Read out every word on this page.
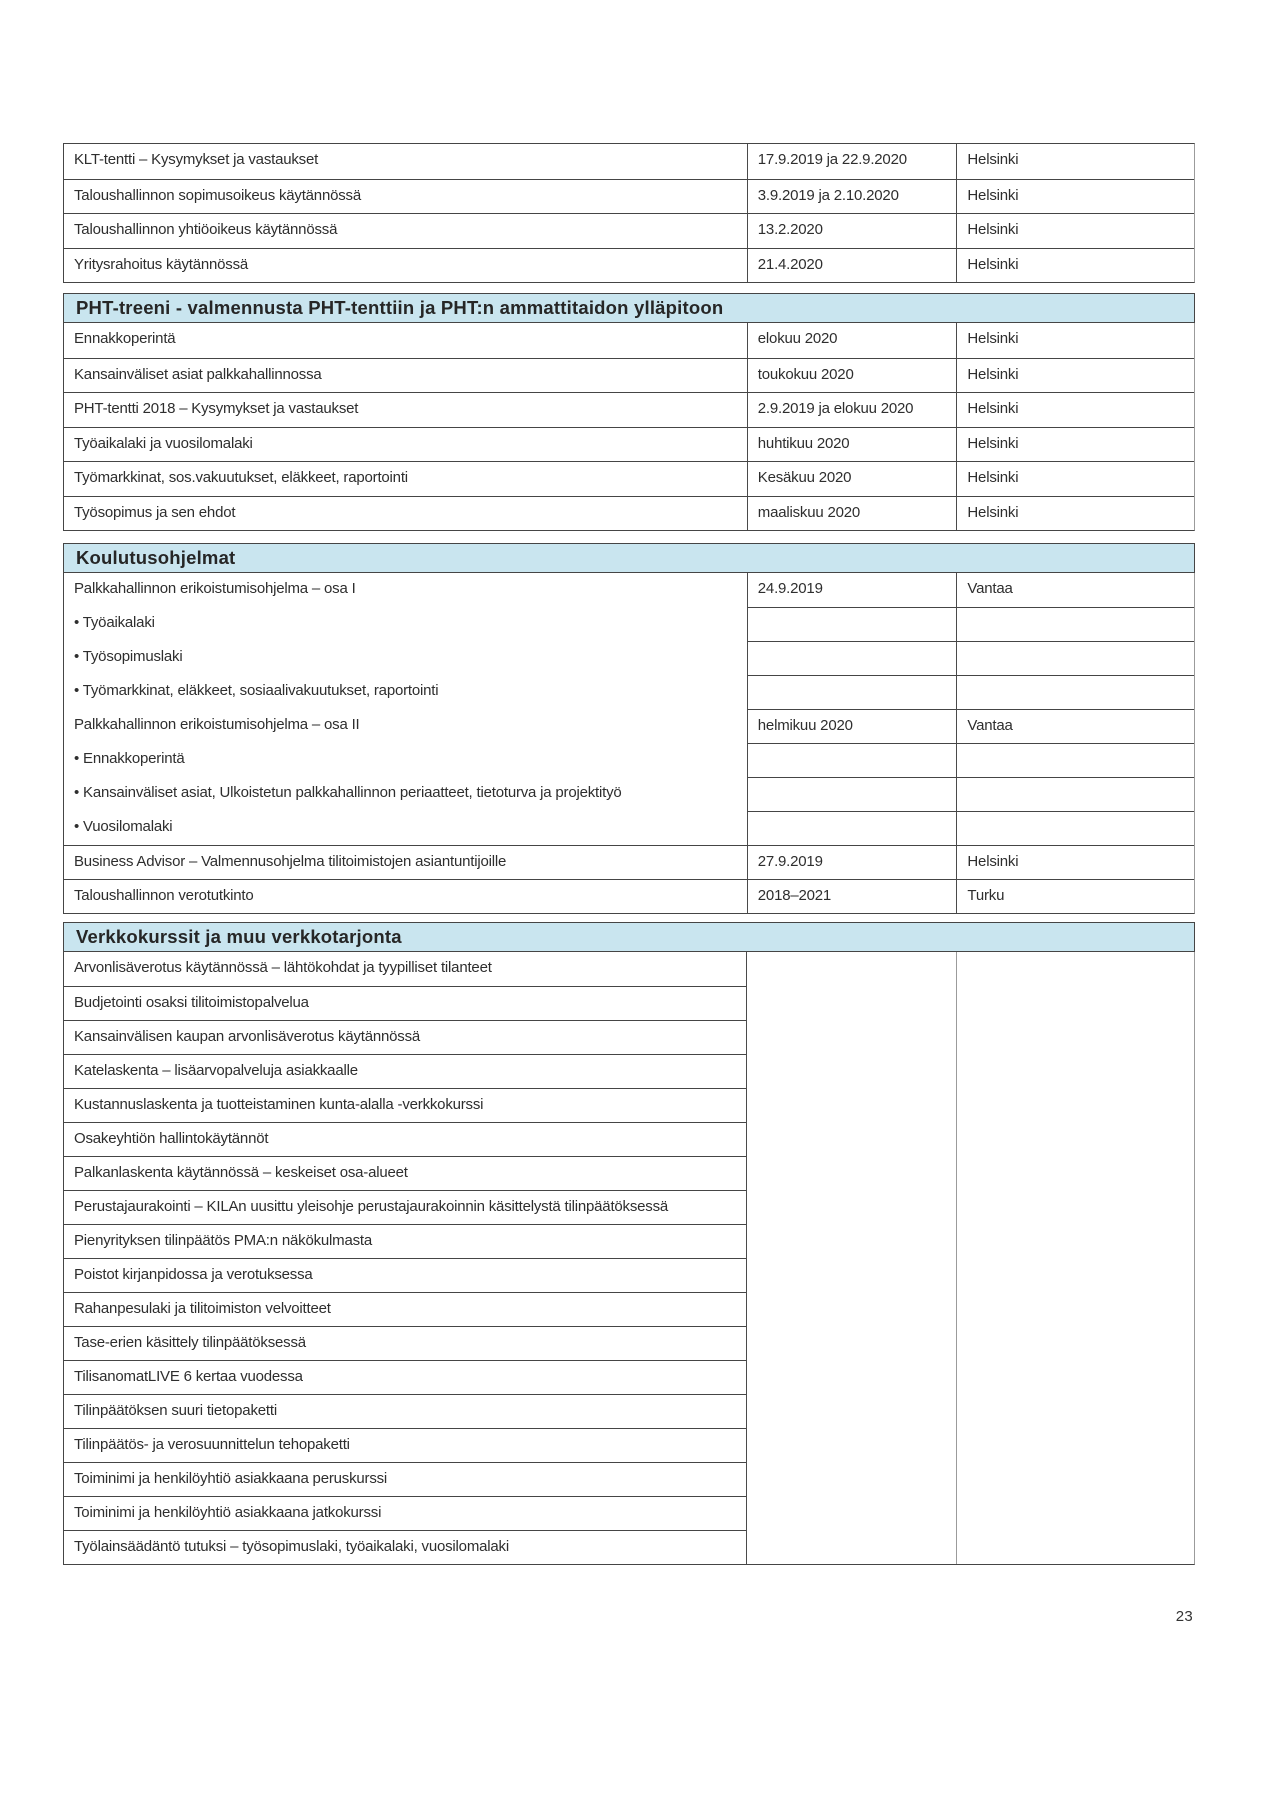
KLT-tentti – Kysymykset ja vastaukset	17.9.2019 ja 22.9.2020	Helsinki
Taloushallinnon sopimusoikeus käytännössä	3.9.2019 ja 2.10.2020	Helsinki
Taloushallinnon yhtiöoikeus käytännössä	13.2.2020	Helsinki
Yritysrahoitus käytännössä	21.4.2020	Helsinki
PHT-treeni - valmennusta PHT-tenttiin ja PHT:n ammattitaidon ylläpitoon
Ennakkoperintä	elokuu 2020	Helsinki
Kansainväliset asiat palkkahallinnossa	toukokuu 2020	Helsinki
PHT-tentti 2018 – Kysymykset ja vastaukset	2.9.2019 ja elokuu 2020	Helsinki
Työaikalaki ja vuosilomalaki	huhtikuu 2020	Helsinki
Työmarkkinat, sos.vakuutukset, eläkkeet, raportointi	Kesäkuu 2020	Helsinki
Työsopimus ja sen ehdot	maaliskuu 2020	Helsinki
Koulutusohjelmat
Palkkahallinnon erikoistumisohjelma – osa I	24.9.2019	Vantaa
• Työaikalaki
• Työsopimuslaki
• Työmarkkinat, eläkkeet, sosiaalivakuutukset, raportointi
Palkkahallinnon erikoistumisohjelma – osa II	helmikuu 2020	Vantaa
• Ennakkoperintä
• Kansainväliset asiat, Ulkoistetun palkkahallinnon periaatteet, tietoturva ja projektityö
• Vuosilomalaki
Business Advisor – Valmennusohjelma tilitoimistojen asiantuntijoille	27.9.2019	Helsinki
Taloushallinnon verotutkinto	2018–2021	Turku
Verkkokurssit ja muu verkkotarjonta
Arvonlisäverotus käytännössä – lähtökohdat ja tyypilliset tilanteet
Budjetointi osaksi tilitoimistopalvelua
Kansainvälisen kaupan arvonlisäverotus käytännössä
Katelaskenta – lisäarvopalveluja asiakkaalle
Kustannuslaskenta ja tuotteistaminen kunta-alalla -verkkokurssi
Osakeyhtiön hallintokäytännöt
Palkanlaskenta käytännössä – keskeiset osa-alueet
Perustajaurakointi – KILAn uusittu yleisohje perustajaurakoinnin käsittelystä tilinpäätöksessä
Pienyrityksen tilinpäätös PMA:n näkökulmasta
Poistot kirjanpidossa ja verotuksessa
Rahanpesulaki ja tilitoimiston velvoitteet
Tase-erien käsittely tilinpäätöksessä
TilisanomatLIVE 6 kertaa vuodessa
Tilinpäätöksen suuri tietopaketti
Tilinpäätös- ja verosuunnittelun tehopaketti
Toiminimi ja henkilöyhtiö asiakkaana peruskurssi
Toiminimi ja henkilöyhtiö asiakkaana jatkokurssi
Työlainsäädäntö tutuksi – työsopimuslaki, työaikalaki, vuosilomalaki
23
